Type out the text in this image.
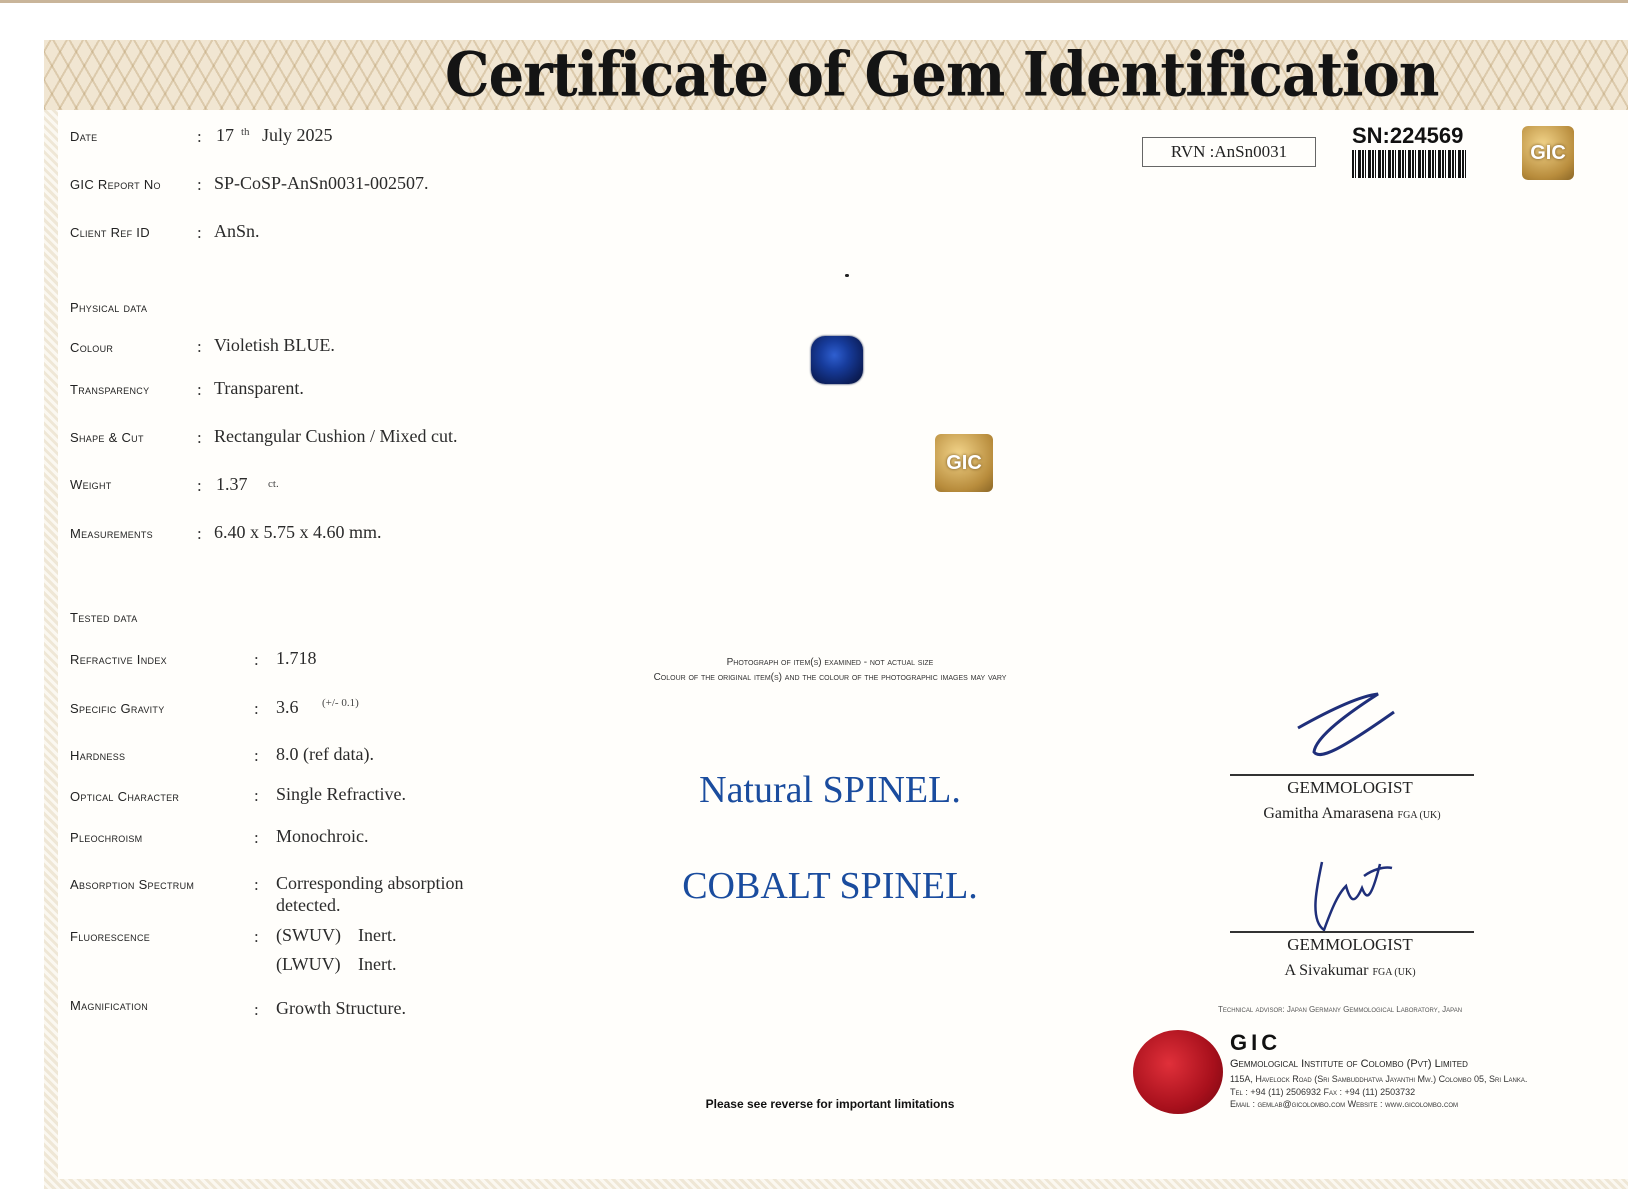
Certificate of Gem Identification
Date	: 17 th July 2025
GIC Report No : SP-CoSP-AnSn0031-002507.
Client Ref ID	: AnSn.
RVN :AnSn0031
SN:224569
GIC
Physical data
Colour	: Violetish BLUE.
Transparency	: Transparent.
Shape & Cut	: Rectangular Cushion / Mixed cut.
Weight	: 1.37 ct.
Measurements	: 6.40 x 5.75 x 4.60 mm.
Tested data
Refractive Index	: 1.718
Specific Gravity	: 3.6 (+/- 0.1)
Hardness	: 8.0 (ref data).
Optical Character	: Single Refractive.
Pleochroism	: Monochroic.
Absorption Spectrum	: Corresponding absorption
detected.
Fluorescence	: (SWUV) Inert.
(LWUV) Inert.
Magnification	: Growth Structure.
GIC
Photograph of item(s) examined - not actual size
Colour of the original item(s) and the colour of the photographic images may vary
Natural SPINEL.
COBALT SPINEL.
GEMMOLOGIST
Gamitha Amarasena FGA (UK)
GEMMOLOGIST
A Sivakumar FGA (UK)
Technical advisor: Japan Germany Gemmological Laboratory, Japan
GIC
Gemmological Institute of Colombo (Pvt) Limited
115A, Havelock Road (Sri Sambuddhatva Jayanthi Mw.) Colombo 05, Sri Lanka.
Tel : +94 (11) 2506932 Fax : +94 (11) 2503732
Email : gemlab@gicolombo.com Website : www.gicolombo.com
Please see reverse for important limitations
